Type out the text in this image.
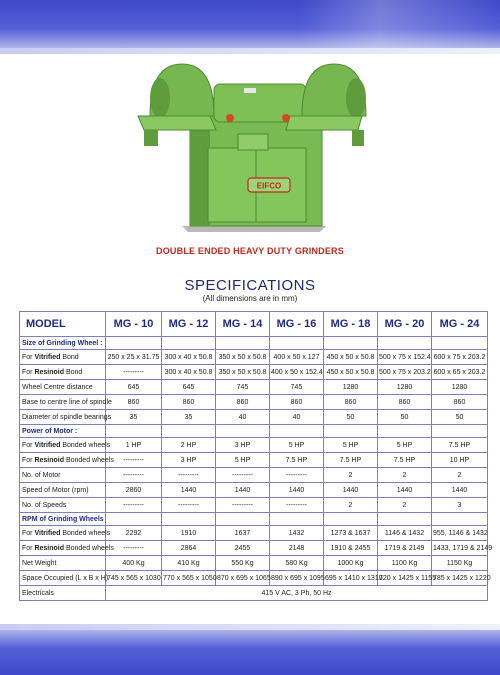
EIFCO
DOUBLE ENDED HEAVY DUTY GRINDERS
SPECIFICATIONS
(All dimensions are in mm)
MODEL	MG - 10	MG - 12	MG - 14	MG - 16	MG - 18	MG - 20	MG - 24
Size of Grinding Wheel :							
For Vitrified Bond	250 x 25 x 31.75	300 x 40 x 50.8	350 x 50 x 50.8	400 x 50 x 127	450 x 50 x 50.8	500 x 75 x 152.4	600 x 75 x 203.2
For Resinoid Bond	---------	300 x 40 x 50.8	350 x 50 x 50.8	400 x 50 x 152.4	450 x 50 x 50.8	500 x 75 x 203.2	600 x 65 x 203.2
Wheel Centre distance	645	645	745	745	1280	1280	1280
Base to centre line of spindle	860	860	860	860	860	860	860
Diameter of spindle bearings	35	35	40	40	50	50	50
Power of Motor :							
For Vitrified Bonded wheels	1 HP	2 HP	3 HP	5 HP	5 HP	5 HP	7.5 HP
For Resinoid Bonded wheels	---------	3 HP	5 HP	7.5 HP	7.5 HP	7.5 HP	10 HP
No. of Motor	---------	---------	---------	---------	2	2	2
Speed of Motor (rpm)	2860	1440	1440	1440	1440	1440	1440
No. of Speeds	---------	---------	---------	---------	2	2	3
RPM of Grinding Wheels							
For Vitrified Bonded wheels	2292	1910	1637	1432	1273 & 1637	1146 & 1432	955, 1146 & 1432
For Resinoid Bonded wheels	---------	2864	2455	2148	1910 & 2455	1719 & 2149	1433, 1719 & 2149
Net Weight	400 Kg	410 Kg	550 Kg	580 Kg	1000 Kg	1100 Kg	1150 Kg
Space Occupied (L x B x H)	745 x 565 x 1030	770 x 565 x 1050	870 x 695 x 1065	890 x 695 x 1095	695 x 1410 x 1310	720 x 1425 x 1155	785 x 1425 x 1220
Electricals	415 V AC, 3 Ph, 50 Hz						
